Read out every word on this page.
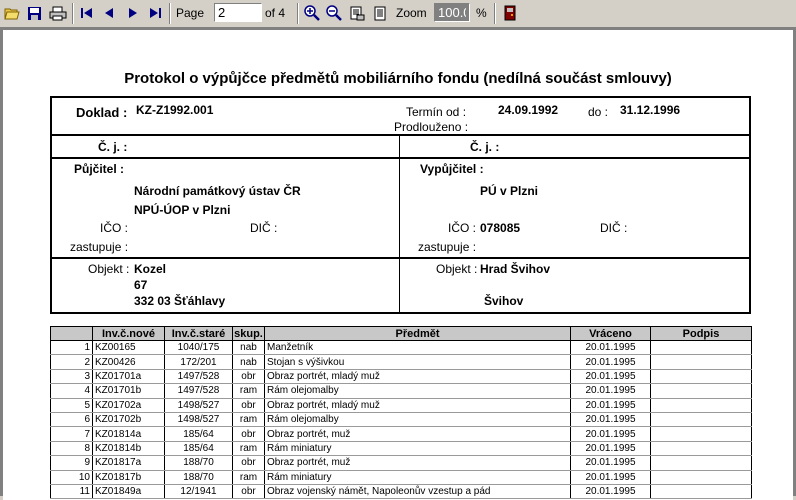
Page
2	of 4	Zoom
100.0	%
Protokol o výpůjčce předmětů mobiliárního fondu (nedílná součást smlouvy)
Doklad : KZ-Z1992.001	Termín od :	24.09.1992 do : 31.12.1996
Prodlouženo :
Č. j. :	Č. j. :
Půjčitel :
Národní památkový ústav ČR
NPÚ-ÚOP v Plzni
IČO :	DIČ :
zastupuje :
Vypůjčitel :
PÚ v Plzni
IČO : 078085	DIČ :
zastupuje :
Objekt : Kozel
67
332 03 Šťáhlavy
Objekt : Hrad Švihov
Švihov
	Inv.č.nové	Inv.č.staré	skup.	Předmět	Vráceno	Podpis
1	KZ00165	1040/175	nab	Manžetník	20.01.1995	
2	KZ00426	172/201	nab	Stojan s výšivkou	20.01.1995	
3	KZ01701a	1497/528	obr	Obraz portrét, mladý muž	20.01.1995	
4	KZ01701b	1497/528	ram	Rám olejomalby	20.01.1995	
5	KZ01702a	1498/527	obr	Obraz portrét, mladý muž	20.01.1995	
6	KZ01702b	1498/527	ram	Rám olejomalby	20.01.1995	
7	KZ01814a	185/64	obr	Obraz portrét, muž	20.01.1995	
8	KZ01814b	185/64	ram	Rám miniatury	20.01.1995	
9	KZ01817a	188/70	obr	Obraz portrét, muž	20.01.1995	
10	KZ01817b	188/70	ram	Rám miniatury	20.01.1995	
11	KZ01849a	12/1941	obr	Obraz vojenský námět, Napoleonův vzestup a pád	20.01.1995	
